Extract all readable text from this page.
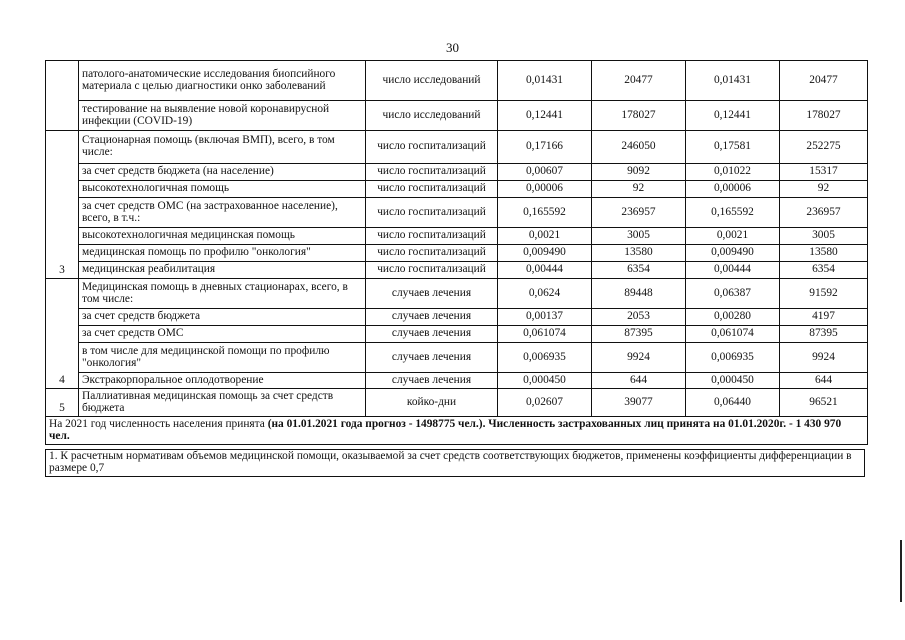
30
	патолого-анатомические исследования биопсийного материала с целью диагностики онко заболеваний	число исследований	0,01431	20477	0,01431	20477
	тестирование на выявление новой коронавирусной инфекции (COVID-19)	число исследований	0,12441	178027	0,12441	178027
3	Стационарная помощь (включая ВМП), всего, в том числе:	число госпитализаций	0,17166	246050	0,17581	252275
	за счет средств бюджета (на население)	число госпитализаций	0,00607	9092	0,01022	15317
	высокотехнологичная помощь	число госпитализаций	0,00006	92	0,00006	92
	за счет средств ОМС (на застрахованное население), всего, в т.ч.:	число госпитализаций	0,165592	236957	0,165592	236957
	высокотехнологичная медицинская помощь	число госпитализаций	0,0021	3005	0,0021	3005
	медицинская помощь по профилю "онкология"	число госпитализаций	0,009490	13580	0,009490	13580
	медицинская реабилитация	число госпитализаций	0,00444	6354	0,00444	6354
4	Медицинская помощь в дневных стационарах, всего, в том числе:	случаев лечения	0,0624	89448	0,06387	91592
	за счет средств бюджета	случаев лечения	0,00137	2053	0,00280	4197
	за счет средств ОМС	случаев лечения	0,061074	87395	0,061074	87395
	в том числе для медицинской помощи по профилю "онкология"	случаев лечения	0,006935	9924	0,006935	9924
	Экстракорпоральное оплодотворение	случаев лечения	0,000450	644	0,000450	644
5	Паллиативная медицинская помощь за счет средств бюджета	койко-дни	0,02607	39077	0,06440	96521
На 2021 год численность населения принята (на 01.01.2021 года прогноз - 1498775 чел.). Численность застрахованных лиц принята на 01.01.2020г. - 1 430 970 чел.						
1. К расчетным нормативам объемов медицинской помощи, оказываемой за счет средств соответствующих бюджетов, применены коэффициенты дифференциации в размере 0,7
